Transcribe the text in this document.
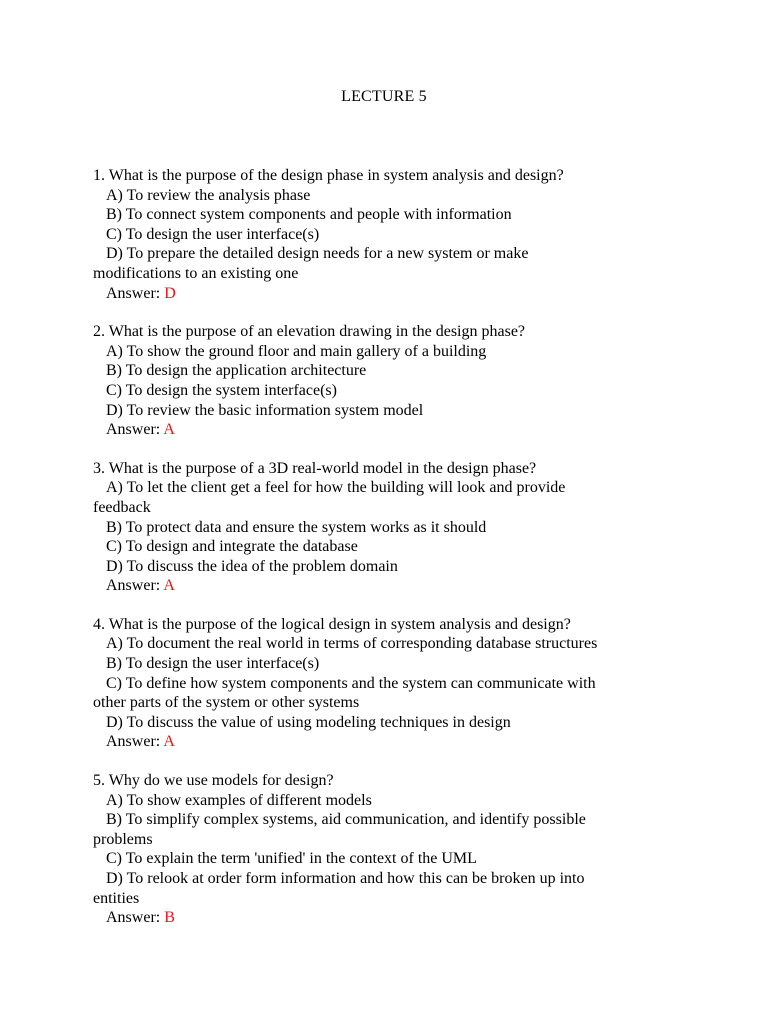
LECTURE 5
1. What is the purpose of the design phase in system analysis and design?
A) To review the analysis phase
B) To connect system components and people with information
C) To design the user interface(s)
D) To prepare the detailed design needs for a new system or make
modifications to an existing one
Answer: D
2. What is the purpose of an elevation drawing in the design phase?
A) To show the ground floor and main gallery of a building
B) To design the application architecture
C) To design the system interface(s)
D) To review the basic information system model
Answer: A
3. What is the purpose of a 3D real-world model in the design phase?
A) To let the client get a feel for how the building will look and provide
feedback
B) To protect data and ensure the system works as it should
C) To design and integrate the database
D) To discuss the idea of the problem domain
Answer: A
4. What is the purpose of the logical design in system analysis and design?
A) To document the real world in terms of corresponding database structures
B) To design the user interface(s)
C) To define how system components and the system can communicate with
other parts of the system or other systems
D) To discuss the value of using modeling techniques in design
Answer: A
5. Why do we use models for design?
A) To show examples of different models
B) To simplify complex systems, aid communication, and identify possible
problems
C) To explain the term 'unified' in the context of the UML
D) To relook at order form information and how this can be broken up into
entities
Answer: B
